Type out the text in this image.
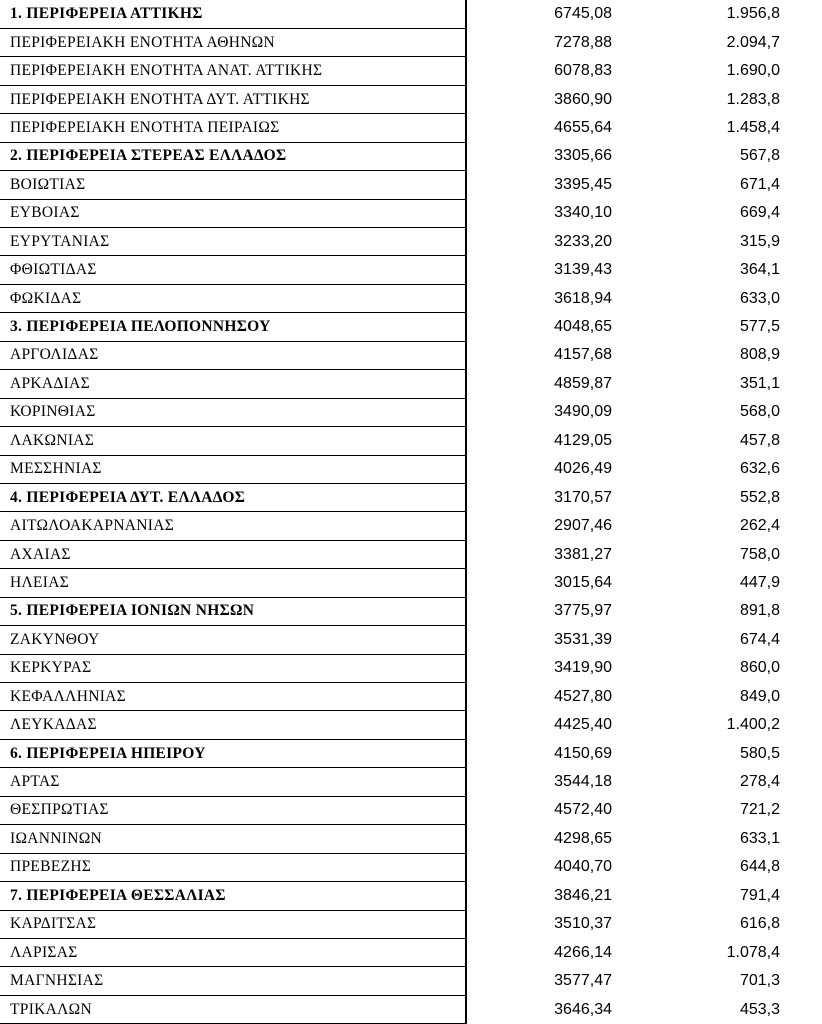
1. ΠΕΡΙΦΕΡΕΙΑ ΑΤΤΙΚΗΣ	6745,08	1.956,8	
ΠΕΡΙΦΕΡΕΙΑΚΗ ΕΝΟΤΗΤΑ ΑΘΗΝΩΝ	7278,88	2.094,7	
ΠΕΡΙΦΕΡΕΙΑΚΗ ΕΝΟΤΗΤΑ ΑΝΑΤ. ΑΤΤΙΚΗΣ	6078,83	1.690,0	
ΠΕΡΙΦΕΡΕΙΑΚΗ ΕΝΟΤΗΤΑ ΔΥΤ. ΑΤΤΙΚΗΣ	3860,90	1.283,8	
ΠΕΡΙΦΕΡΕΙΑΚΗ ΕΝΟΤΗΤΑ ΠΕΙΡΑΙΩΣ	4655,64	1.458,4	
2. ΠΕΡΙΦΕΡΕΙΑ ΣΤΕΡΕΑΣ ΕΛΛΑΔΟΣ	3305,66	567,8	
ΒΟΙΩΤΙΑΣ	3395,45	671,4	
ΕΥΒΟΙΑΣ	3340,10	669,4	
ΕΥΡΥΤΑΝΙΑΣ	3233,20	315,9	
ΦΘΙΩΤΙΔΑΣ	3139,43	364,1	
ΦΩΚΙΔΑΣ	3618,94	633,0	
3. ΠΕΡΙΦΕΡΕΙΑ ΠΕΛΟΠΟΝΝΗΣΟΥ	4048,65	577,5	
ΑΡΓΟΛΙΔΑΣ	4157,68	808,9	
ΑΡΚΑΔΙΑΣ	4859,87	351,1	
ΚΟΡΙΝΘΙΑΣ	3490,09	568,0	
ΛΑΚΩΝΙΑΣ	4129,05	457,8	
ΜΕΣΣΗΝΙΑΣ	4026,49	632,6	
4. ΠΕΡΙΦΕΡΕΙΑ ΔΥΤ. ΕΛΛΑΔΟΣ	3170,57	552,8	
ΑΙΤΩΛΟΑΚΑΡΝΑΝΙΑΣ	2907,46	262,4	
ΑΧΑΙΑΣ	3381,27	758,0	
ΗΛΕΙΑΣ	3015,64	447,9	
5. ΠΕΡΙΦΕΡΕΙΑ ΙΟΝΙΩΝ ΝΗΣΩΝ	3775,97	891,8	
ΖΑΚΥΝΘΟΥ	3531,39	674,4	
ΚΕΡΚΥΡΑΣ	3419,90	860,0	
ΚΕΦΑΛΛΗΝΙΑΣ	4527,80	849,0	
ΛΕΥΚΑΔΑΣ	4425,40	1.400,2	
6. ΠΕΡΙΦΕΡΕΙΑ ΗΠΕΙΡΟΥ	4150,69	580,5	
ΑΡΤΑΣ	3544,18	278,4	
ΘΕΣΠΡΩΤΙΑΣ	4572,40	721,2	
ΙΩΑΝΝΙΝΩΝ	4298,65	633,1	
ΠΡΕΒΕΖΗΣ	4040,70	644,8	
7. ΠΕΡΙΦΕΡΕΙΑ ΘΕΣΣΑΛΙΑΣ	3846,21	791,4	
ΚΑΡΔΙΤΣΑΣ	3510,37	616,8	
ΛΑΡΙΣΑΣ	4266,14	1.078,4	
ΜΑΓΝΗΣΙΑΣ	3577,47	701,3	
ΤΡΙΚΑΛΩΝ	3646,34	453,3	
